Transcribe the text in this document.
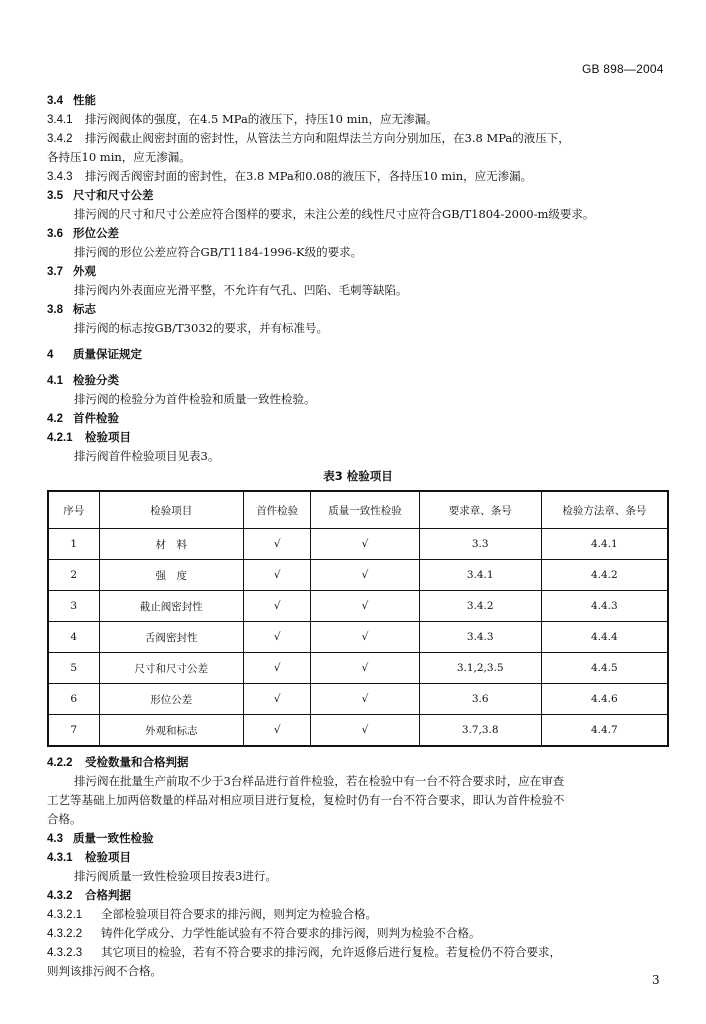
GB 898—2004
3.4 性能
3.4.1 排污阀阀体的强度，在4.5 MPa的液压下，持压10 min，应无渗漏。
3.4.2 排污阀截止阀密封面的密封性，从管法兰方向和阻焊法兰方向分别加压，在3.8 MPa的液压下，
各持压10 min，应无渗漏。
3.4.3 排污阀舌阀密封面的密封性，在3.8 MPa和0.08的液压下，各持压10 min，应无渗漏。
3.5 尺寸和尺寸公差
排污阀的尺寸和尺寸公差应符合图样的要求，未注公差的线性尺寸应符合GB/T1804-2000-m级要求。
3.6 形位公差
排污阀的形位公差应符合GB/T1184-1996-K级的要求。
3.7 外观
排污阀内外表面应光滑平整，不允许有气孔、凹陷、毛刺等缺陷。
3.8 标志
排污阀的标志按GB/T3032的要求，并有标准号。
4 质量保证规定
4.1 检验分类
排污阀的检验分为首件检验和质量一致性检验。
4.2 首件检验
4.2.1 检验项目
排污阀首件检验项目见表3。
表3 检验项目
序号	检验项目	首件检验	质量一致性检验	要求章、条号	检验方法章、条号
1	材　料	√	√	3.3	4.4.1
2	强　度	√	√	3.4.1	4.4.2
3	截止阀密封性	√	√	3.4.2	4.4.3
4	舌阀密封性	√	√	3.4.3	4.4.4
5	尺寸和尺寸公差	√	√	3.1,2,3.5	4.4.5
6	形位公差	√	√	3.6	4.4.6
7	外观和标志	√	√	3.7,3.8	4.4.7
4.2.2 受检数量和合格判据
排污阀在批量生产前取不少于3台样品进行首件检验，若在检验中有一台不符合要求时，应在审查
工艺等基础上加两倍数量的样品对相应项目进行复检，复检时仍有一台不符合要求，即认为首件检验不
合格。
4.3 质量一致性检验
4.3.1 检验项目
排污阀质量一致性检验项目按表3进行。
4.3.2 合格判据
4.3.2.1 全部检验项目符合要求的排污阀，则判定为检验合格。
4.3.2.2 铸件化学成分、力学性能试验有不符合要求的排污阀，则判为检验不合格。
4.3.2.3 其它项目的检验，若有不符合要求的排污阀，允许返修后进行复检。若复检仍不符合要求，
则判该排污阀不合格。
3
